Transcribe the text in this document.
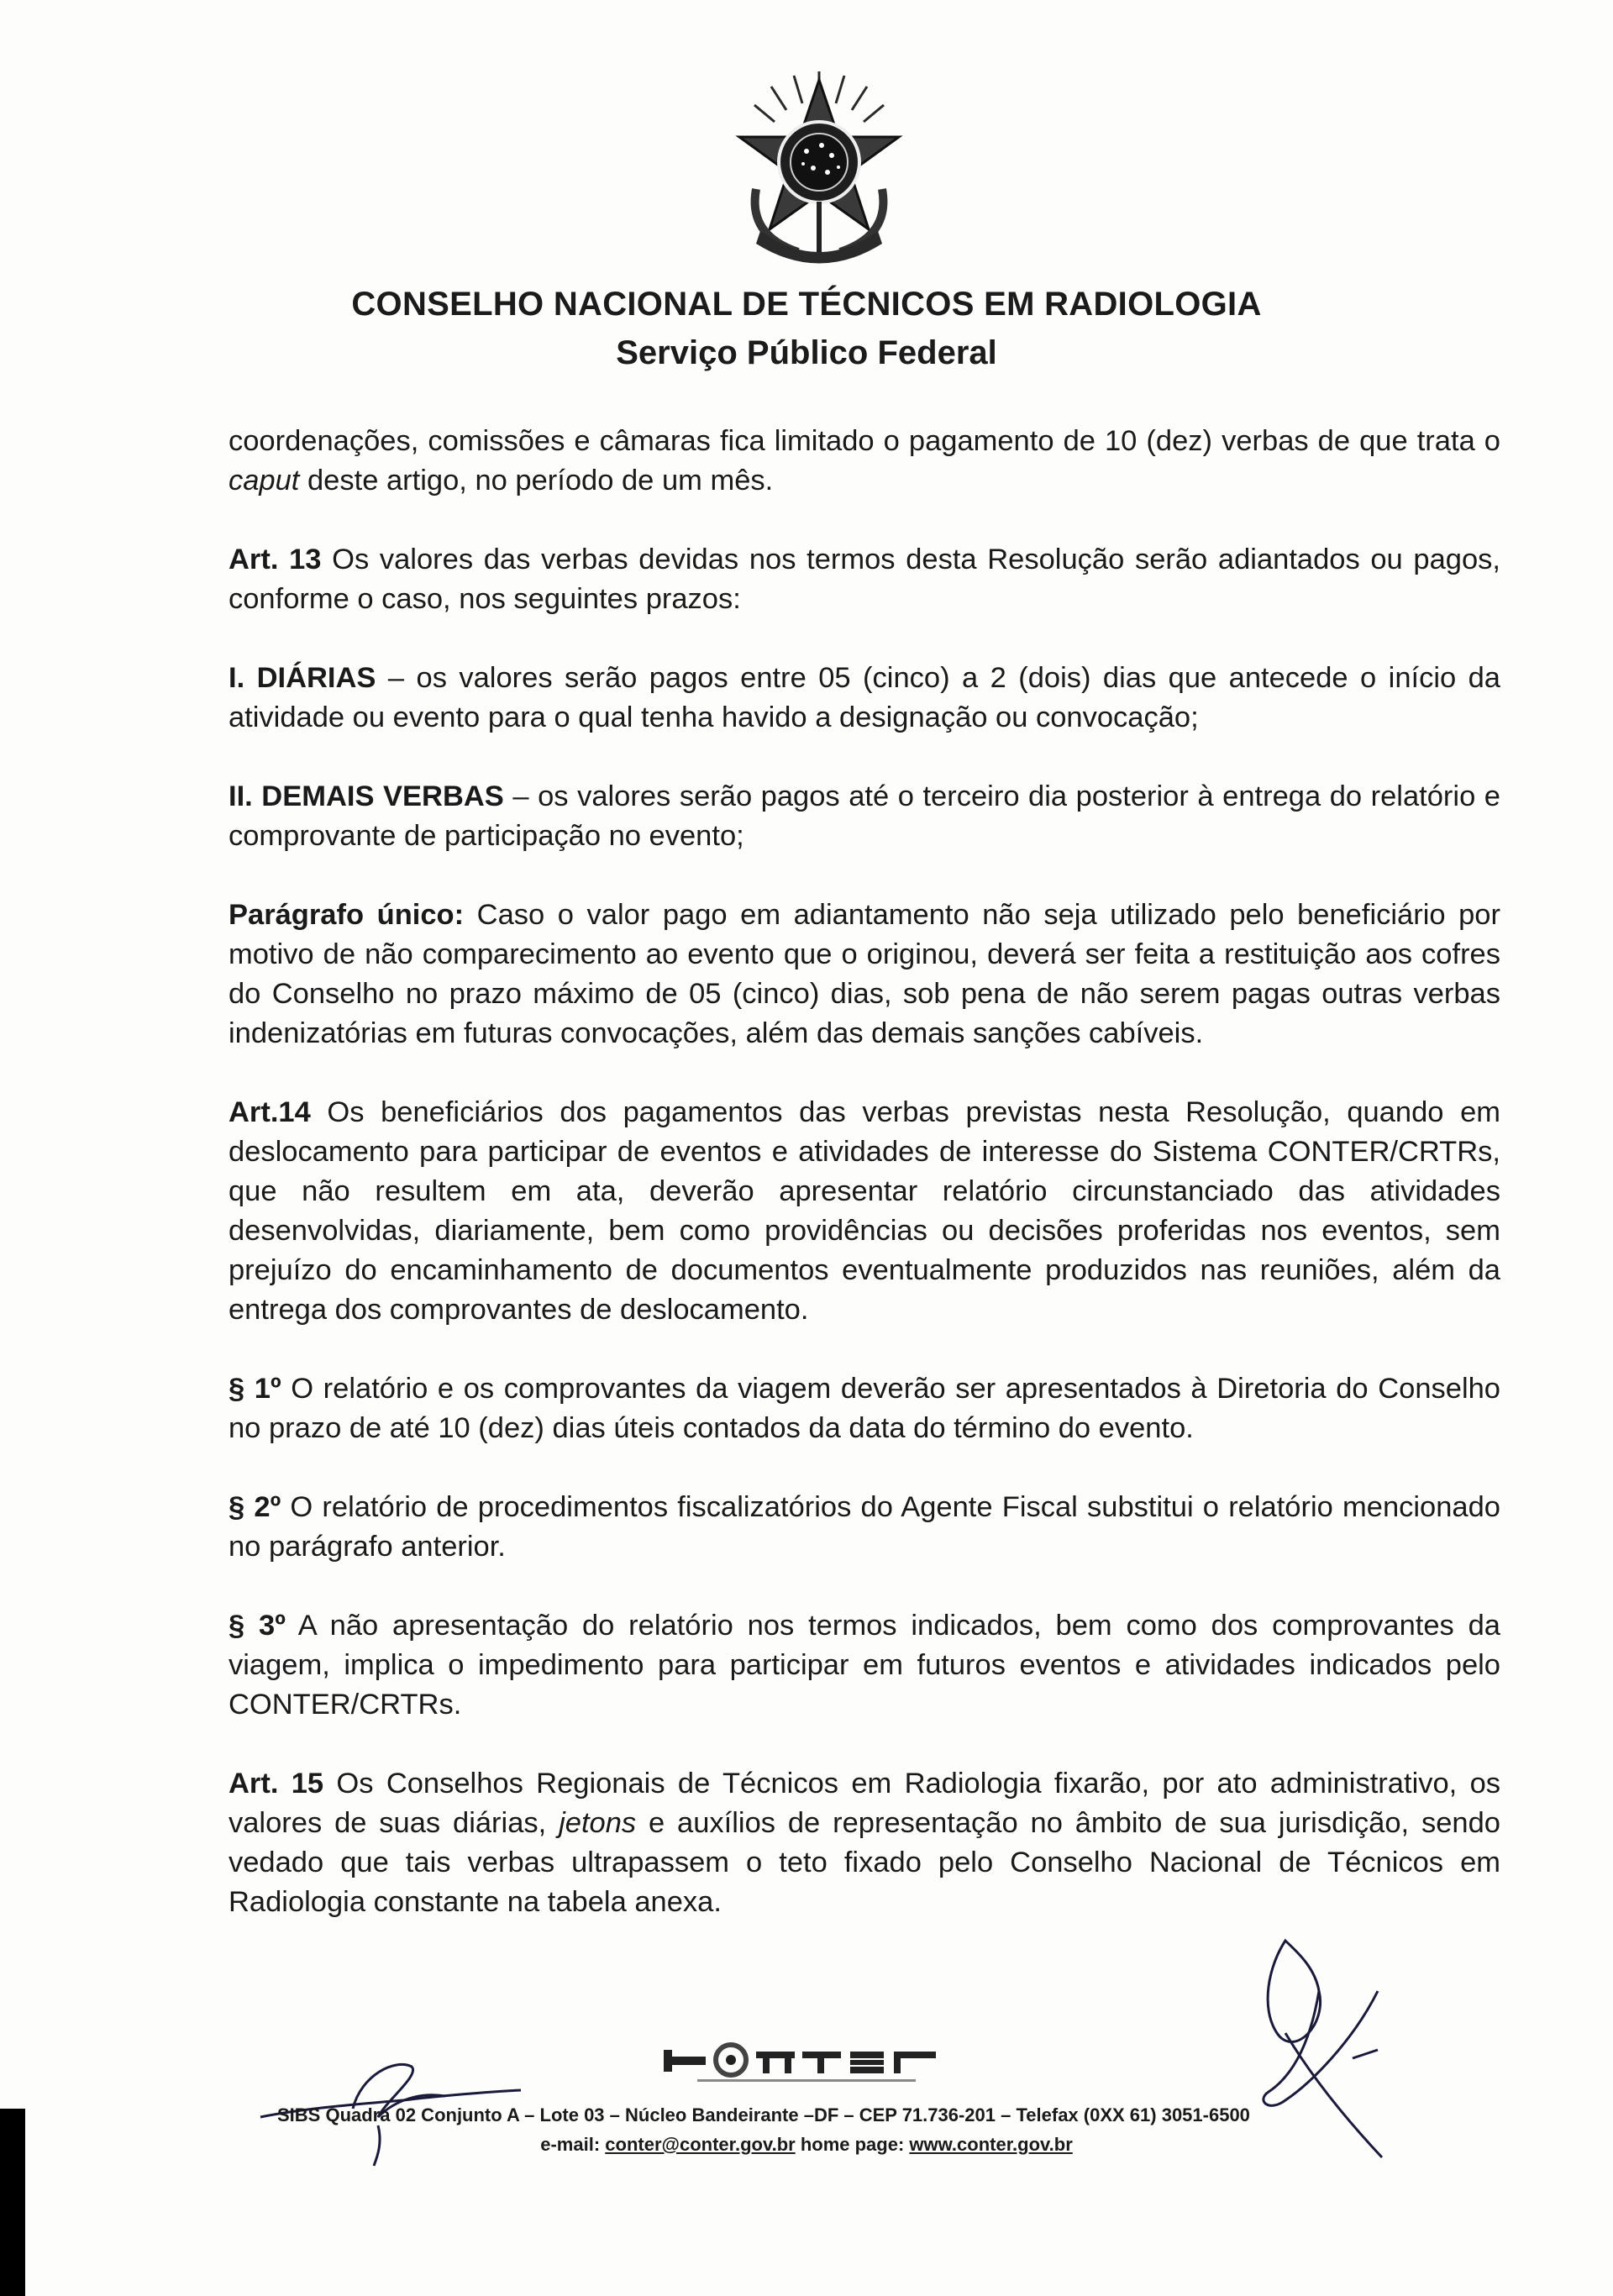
CONSELHO NACIONAL DE TÉCNICOS EM RADIOLOGIA
Serviço Público Federal

coordenações, comissões e câmaras fica limitado o pagamento de 10 (dez) verbas de que trata o caput deste artigo, no período de um mês.

Art. 13 Os valores das verbas devidas nos termos desta Resolução serão adiantados ou pagos, conforme o caso, nos seguintes prazos:

I. DIÁRIAS – os valores serão pagos entre 05 (cinco) a 2 (dois) dias que antecede o início da atividade ou evento para o qual tenha havido a designação ou convocação;

II. DEMAIS VERBAS – os valores serão pagos até o terceiro dia posterior à entrega do relatório e comprovante de participação no evento;

Parágrafo único: Caso o valor pago em adiantamento não seja utilizado pelo beneficiário por motivo de não comparecimento ao evento que o originou, deverá ser feita a restituição aos cofres do Conselho no prazo máximo de 05 (cinco) dias, sob pena de não serem pagas outras verbas indenizatórias em futuras convocações, além das demais sanções cabíveis.

Art.14 Os beneficiários dos pagamentos das verbas previstas nesta Resolução, quando em deslocamento para participar de eventos e atividades de interesse do Sistema CONTER/CRTRs, que não resultem em ata, deverão apresentar relatório circunstanciado das atividades desenvolvidas, diariamente, bem como providências ou decisões proferidas nos eventos, sem prejuízo do encaminhamento de documentos eventualmente produzidos nas reuniões, além da entrega dos comprovantes de deslocamento.

§ 1º O relatório e os comprovantes da viagem deverão ser apresentados à Diretoria do Conselho no prazo de até 10 (dez) dias úteis contados da data do término do evento.

§ 2º O relatório de procedimentos fiscalizatórios do Agente Fiscal substitui o relatório mencionado no parágrafo anterior.

§ 3º A não apresentação do relatório nos termos indicados, bem como dos comprovantes da viagem, implica o impedimento para participar em futuros eventos e atividades indicados pelo CONTER/CRTRs.

Art. 15 Os Conselhos Regionais de Técnicos em Radiologia fixarão, por ato administrativo, os valores de suas diárias, jetons e auxílios de representação no âmbito de sua jurisdição, sendo vedado que tais verbas ultrapassem o teto fixado pelo Conselho Nacional de Técnicos em Radiologia constante na tabela anexa.

SIBS Quadra 02 Conjunto A – Lote 03 – Núcleo Bandeirante –DF – CEP 71.736-201 – Telefax (0XX 61) 3051-6500
e-mail: conter@conter.gov.br home page: www.conter.gov.br
